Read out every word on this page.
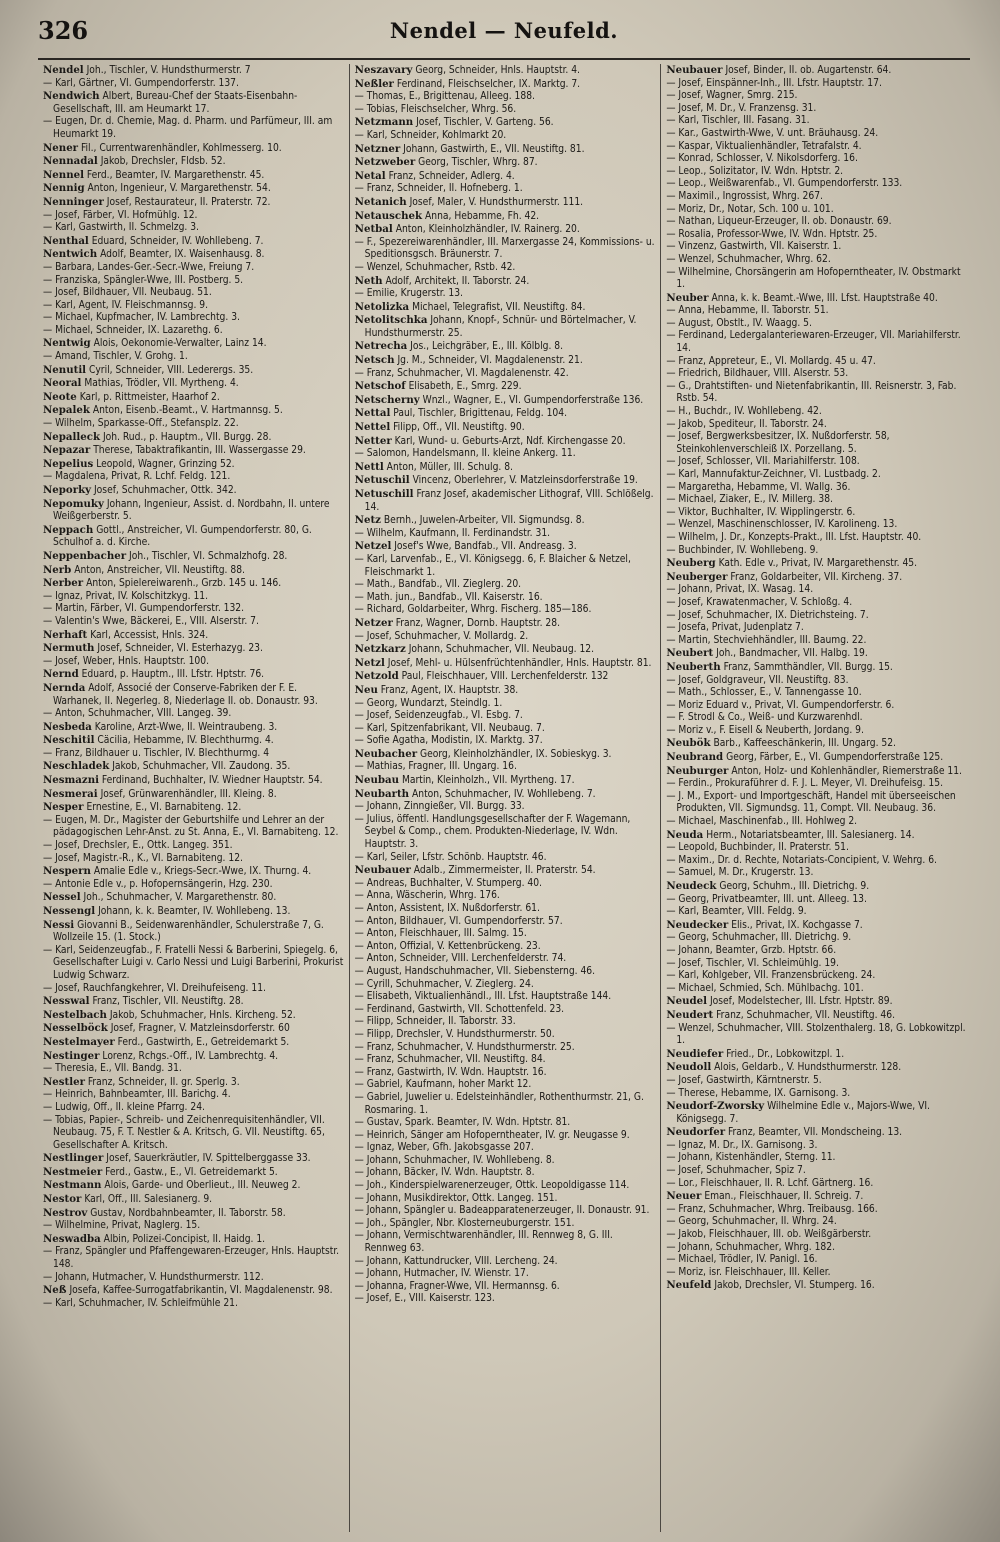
326	Nendel — Neufeld.

Nendel Joh., Tischler, V. Hundsthurmerstr. 7

— Karl, Gärtner, VI. Gumpendorferstr. 137.

Nendwich Albert, Bureau-Chef der Staats-Eisenbahn-Gesellschaft, III. am Heumarkt 17.

— Eugen, Dr. d. Chemie, Mag. d. Pharm. und Parfümeur, III. am Heumarkt 19.

Nener Fil., Currentwarenhändler, Kohlmesserg. 10.

Nennadal Jakob, Drechsler, Fldsb. 52.

Nennel Ferd., Beamter, IV. Margarethenstr. 45.

Nennig Anton, Ingenieur, V. Margarethenstr. 54.

Nenninger Josef, Restaurateur, II. Praterstr. 72.

— Josef, Färber, VI. Hofmühlg. 12.

— Karl, Gastwirth, II. Schmelzg. 3.

Nenthal Eduard, Schneider, IV. Wohllebeng. 7.

Nentwich Adolf, Beamter, IX. Waisenhausg. 8.

— Barbara, Landes-Ger.-Secr.-Wwe, Freiung 7.

— Franziska, Spängler-Wwe, III. Postberg. 5.

— Josef, Bildhauer, VII. Neubaug. 51.

— Karl, Agent, IV. Fleischmannsg. 9.

— Michael, Kupfmacher, IV. Lambrechtg. 3.

— Michael, Schneider, IX. Lazarethg. 6.

Nentwig Alois, Oekonomie-Verwalter, Lainz 14.

— Amand, Tischler, V. Grohg. 1.

Nenutil Cyril, Schneider, VIII. Lederergs. 35.

Neoral Mathias, Trödler, VII. Myrtheng. 4.

Neote Karl, p. Rittmeister, Haarhof 2.

Nepalek Anton, Eisenb.-Beamt., V. Hartmannsg. 5.

— Wilhelm, Sparkasse-Off., Stefansplz. 22.

Nepalleck Joh. Rud., p. Hauptm., VII. Burgg. 28.

Nepazar Therese, Tabaktrafikantin, III. Wassergasse 29.

Nepelius Leopold, Wagner, Grinzing 52.

— Magdalena, Privat, R. Lchf. Feldg. 121.

Neporky Josef, Schuhmacher, Ottk. 342.

Nepomuky Johann, Ingenieur, Assist. d. Nordbahn, II. untere Weißgerberstr. 5.

Neppach Gottl., Anstreicher, VI. Gumpendorferstr. 80, G. Schulhof a. d. Kirche.

Neppenbacher Joh., Tischler, VI. Schmalzhofg. 28.

Nerb Anton, Anstreicher, VII. Neustiftg. 88.

Nerber Anton, Spielereiwarenh., Grzb. 145 u. 146.

— Ignaz, Privat, IV. Kolschitzkyg. 11.

— Martin, Färber, VI. Gumpendorferstr. 132.

— Valentin's Wwe, Bäckerei, E., VIII. Alserstr. 7.

Nerhaft Karl, Accessist, Hnls. 324.

Nermuth Josef, Schneider, VI. Esterhazyg. 23.

— Josef, Weber, Hnls. Hauptstr. 100.

Nernd Eduard, p. Hauptm., III. Lfstr. Hptstr. 76.

Nernda Adolf, Associé der Conserve-Fabriken der F. E. Warhanek, II. Negerleg. 8, Niederlage II. ob. Donaustr. 93.

— Anton, Schuhmacher, VIII. Langeg. 39.

Nesbeda Karoline, Arzt-Wwe, II. Weintraubeng. 3.

Neschitil Cäcilia, Hebamme, IV. Blechthurmg. 4.

— Franz, Bildhauer u. Tischler, IV. Blechthurmg. 4

Neschladek Jakob, Schuhmacher, VII. Zaudong. 35.

Nesmazni Ferdinand, Buchhalter, IV. Wiedner Hauptstr. 54.

Nesmerai Josef, Grünwarenhändler, III. Kleing. 8.

Nesper Ernestine, E., VI. Barnabiteng. 12.

— Eugen, M. Dr., Magister der Geburtshilfe und Lehrer an der pädagogischen Lehr-Anst. zu St. Anna, E., VI. Barnabiteng. 12.

— Josef, Drechsler, E., Ottk. Langeg. 351.

— Josef, Magistr.-R., K., VI. Barnabiteng. 12.

Nespern Amalie Edle v., Kriegs-Secr.-Wwe, IX. Thurng. 4.

— Antonie Edle v., p. Hofopernsängerin, Hzg. 230.

Nessel Joh., Schuhmacher, V. Margarethenstr. 80.

Nessengl Johann, k. k. Beamter, IV. Wohllebeng. 13.

Nessi Giovanni B., Seidenwarenhändler, Schulerstraße 7, G. Wollzeile 15. (1. Stock.)

— Karl, Seidenzeugfab., F. Fratelli Nessi & Barberini, Spiegelg. 6, Gesellschafter Luigi v. Carlo Nessi und Luigi Barberini, Prokurist Ludwig Schwarz.

— Josef, Rauchfangkehrer, VI. Dreihufeiseng. 11.

Nesswal Franz, Tischler, VII. Neustiftg. 28.

Nestelbach Jakob, Schuhmacher, Hnls. Kircheng. 52.

Nesselböck Josef, Fragner, V. Matzleinsdorferstr. 60

Nestelmayer Ferd., Gastwirth, E., Getreidemarkt 5.

Nestinger Lorenz, Rchgs.-Off., IV. Lambrechtg. 4.

— Theresia, E., VII. Bandg. 31.

Nestler Franz, Schneider, II. gr. Sperlg. 3.

— Heinrich, Bahnbeamter, III. Barichg. 4.

— Ludwig, Off., II. kleine Pfarrg. 24.

— Tobias, Papier-, Schreib- und Zeichenrequisitenhändler, VII. Neubaug. 75, F. T. Nestler & A. Kritsch, G. VII. Neustiftg. 65, Gesellschafter A. Kritsch.

Nestlinger Josef, Sauerkräutler, IV. Spittelberggasse 33.

Nestmeier Ferd., Gastw., E., VI. Getreidemarkt 5.

Nestmann Alois, Garde- und Oberlieut., III. Neuweg 2.

Nestor Karl, Off., III. Salesianerg. 9.

Nestrov Gustav, Nordbahnbeamter, II. Taborstr. 58.

— Wilhelmine, Privat, Naglerg. 15.

Neswadba Albin, Polizei-Concipist, II. Haidg. 1.

— Franz, Spängler und Pfaffengewaren-Erzeuger, Hnls. Hauptstr. 148.

— Johann, Hutmacher, V. Hundsthurmerstr. 112.

Neß Josefa, Kaffee-Surrogatfabrikantin, VI. Magdalenenstr. 98.

— Karl, Schuhmacher, IV. Schleifmühle 21.

Neszavary Georg, Schneider, Hnls. Hauptstr. 4.

Neßler Ferdinand, Fleischselcher, IX. Marktg. 7.

— Thomas, E., Brigittenau, Alleeg. 188.

— Tobias, Fleischselcher, Whrg. 56.

Netzmann Josef, Tischler, V. Garteng. 56.

— Karl, Schneider, Kohlmarkt 20.

Netzner Johann, Gastwirth, E., VII. Neustiftg. 81.

Netzweber Georg, Tischler, Whrg. 87.

Netal Franz, Schneider, Adlerg. 4.

— Franz, Schneider, II. Hofneberg. 1.

Netanich Josef, Maler, V. Hundsthurmerstr. 111.

Netauschek Anna, Hebamme, Fh. 42.

Netbal Anton, Kleinholzhändler, IV. Rainerg. 20.

— F., Spezereiwarenhändler, III. Marxergasse 24, Kommissions- u. Speditionsgsch. Bräunerstr. 7.

— Wenzel, Schuhmacher, Rstb. 42.

Neth Adolf, Architekt, II. Taborstr. 24.

— Emilie, Krugerstr. 13.

Netolizka Michael, Telegrafist, VII. Neustiftg. 84.

Netolitschka Johann, Knopf-, Schnür- und Börtelmacher, V. Hundsthurmerstr. 25.

Netrecha Jos., Leichgräber, E., III. Kölblg. 8.

Netsch Jg. M., Schneider, VI. Magdalenenstr. 21.

— Franz, Schuhmacher, VI. Magdalenenstr. 42.

Netschof Elisabeth, E., Smrg. 229.

Netscherny Wnzl., Wagner, E., VI. Gumpendorferstraße 136.

Nettal Paul, Tischler, Brigittenau, Feldg. 104.

Nettel Filipp, Off., VII. Neustiftg. 90.

Netter Karl, Wund- u. Geburts-Arzt, Ndf. Kirchengasse 20.

— Salomon, Handelsmann, II. kleine Ankerg. 11.

Nettl Anton, Müller, III. Schulg. 8.

Netuschil Vincenz, Oberlehrer, V. Matzleinsdorferstraße 19.

Netuschill Franz Josef, akademischer Lithograf, VIII. Schlößelg. 14.

Netz Bernh., Juwelen-Arbeiter, VII. Sigmundsg. 8.

— Wilhelm, Kaufmann, II. Ferdinandstr. 31.

Netzel Josef's Wwe, Bandfab., VII. Andreasg. 3.

— Karl, Larvenfab., E., VI. Königsegg. 6, F. Blaicher & Netzel, Fleischmarkt 1.

— Math., Bandfab., VII. Zieglerg. 20.

— Math. jun., Bandfab., VII. Kaiserstr. 16.

— Richard, Goldarbeiter, Whrg. Fischerg. 185—186.

Netzer Franz, Wagner, Dornb. Hauptstr. 28.

— Josef, Schuhmacher, V. Mollardg. 2.

Netzkarz Johann, Schuhmacher, VII. Neubaug. 12.

Netzl Josef, Mehl- u. Hülsenfrüchtenhändler, Hnls. Hauptstr. 81.

Netzold Paul, Fleischhauer, VIII. Lerchenfelderstr. 132

Neu Franz, Agent, IX. Hauptstr. 38.

— Georg, Wundarzt, Steindlg. 1.

— Josef, Seidenzeugfab., VI. Esbg. 7.

— Karl, Spitzenfabrikant, VII. Neubaug. 7.

— Sofie Agatha, Modistin, IX. Marktg. 37.

Neubacher Georg, Kleinholzhändler, IX. Sobieskyg. 3.

— Mathias, Fragner, III. Ungarg. 16.

Neubau Martin, Kleinholzh., VII. Myrtheng. 17.

Neubarth Anton, Schuhmacher, IV. Wohllebeng. 7.

— Johann, Zinngießer, VII. Burgg. 33.

— Julius, öffentl. Handlungsgesellschafter der F. Wagemann, Seybel & Comp., chem. Produkten-Niederlage, IV. Wdn. Hauptstr. 3.

— Karl, Seiler, Lfstr. Schönb. Hauptstr. 46.

Neubauer Adalb., Zimmermeister, II. Praterstr. 54.

— Andreas, Buchhalter, V. Stumperg. 40.

— Anna, Wäscherin, Whrg. 176.

— Anton, Assistent, IX. Nußdorferstr. 61.

— Anton, Bildhauer, VI. Gumpendorferstr. 57.

— Anton, Fleischhauer, III. Salmg. 15.

— Anton, Offizial, V. Kettenbrückeng. 23.

— Anton, Schneider, VIII. Lerchenfelderstr. 74.

— August, Handschuhmacher, VII. Siebensterng. 46.

— Cyrill, Schuhmacher, V. Zieglerg. 24.

— Elisabeth, Viktualienhändl., III. Lfst. Hauptstraße 144.

— Ferdinand, Gastwirth, VII. Schottenfeld. 23.

— Filipp, Schneider, II. Taborstr. 33.

— Filipp, Drechsler, V. Hundsthurmerstr. 50.

— Franz, Schuhmacher, V. Hundsthurmerstr. 25.

— Franz, Schuhmacher, VII. Neustiftg. 84.

— Franz, Gastwirth, IV. Wdn. Hauptstr. 16.

— Gabriel, Kaufmann, hoher Markt 12.

— Gabriel, Juwelier u. Edelsteinhändler, Rothenthurmstr. 21, G. Rosmaring. 1.

— Gustav, Spark. Beamter, IV. Wdn. Hptstr. 81.

— Heinrich, Sänger am Hofoperntheater, IV. gr. Neugasse 9.

— Ignaz, Weber, Gfh. Jakobsgasse 207.

— Johann, Schuhmacher, IV. Wohllebeng. 8.

— Johann, Bäcker, IV. Wdn. Hauptstr. 8.

— Joh., Kinderspielwarenerzeuger, Ottk. Leopoldigasse 114.

— Johann, Musikdirektor, Ottk. Langeg. 151.

— Johann, Spängler u. Badeapparatenerzeuger, II. Donaustr. 91.

— Joh., Spängler, Nbr. Klosterneuburgerstr. 151.

— Johann, Vermischtwarenhändler, III. Rennweg 8, G. III. Rennweg 63.

— Johann, Kattundrucker, VIII. Lercheng. 24.

— Johann, Hutmacher, IV. Wienstr. 17.

— Johanna, Fragner-Wwe, VII. Hermannsg. 6.

— Josef, E., VIII. Kaiserstr. 123.

Neubauer Josef, Binder, II. ob. Augartenstr. 64.

— Josef, Einspänner-Inh., III. Lfstr. Hauptstr. 17.

— Josef, Wagner, Smrg. 215.

— Josef, M. Dr., V. Franzensg. 31.

— Karl, Tischler, III. Fasang. 31.

— Kar., Gastwirth-Wwe, V. unt. Bräuhausg. 24.

— Kaspar, Viktualienhändler, Tetrafalstr. 4.

— Konrad, Schlosser, V. Nikolsdorferg. 16.

— Leop., Solizitator, IV. Wdn. Hptstr. 2.

— Leop., Weißwarenfab., VI. Gumpendorferstr. 133.

— Maximil., Ingrossist, Whrg. 267.

— Moriz, Dr., Notar, Sch. 100 u. 101.

— Nathan, Liqueur-Erzeuger, II. ob. Donaustr. 69.

— Rosalia, Professor-Wwe, IV. Wdn. Hptstr. 25.

— Vinzenz, Gastwirth, VII. Kaiserstr. 1.

— Wenzel, Schuhmacher, Whrg. 62.

— Wilhelmine, Chorsängerin am Hofoperntheater, IV. Obstmarkt 1.

Neuber Anna, k. k. Beamt.-Wwe, III. Lfst. Hauptstraße 40.

— Anna, Hebamme, II. Taborstr. 51.

— August, Obstlt., IV. Waagg. 5.

— Ferdinand, Ledergalanteriewaren-Erzeuger, VII. Mariahilferstr. 14.

— Franz, Appreteur, E., VI. Mollardg. 45 u. 47.

— Friedrich, Bildhauer, VIII. Alserstr. 53.

— G., Drahtstiften- und Nietenfabrikantin, III. Reisnerstr. 3, Fab. Rstb. 54.

— H., Buchdr., IV. Wohllebeng. 42.

— Jakob, Spediteur, II. Taborstr. 24.

— Josef, Bergwerksbesitzer, IX. Nußdorferstr. 58, Steinkohlenverschleiß IX. Porzellang. 5.

— Josef, Schlosser, VII. Mariahilferstr. 108.

— Karl, Mannufaktur-Zeichner, VI. Lustbadg. 2.

— Margaretha, Hebamme, VI. Wallg. 36.

— Michael, Ziaker, E., IV. Millerg. 38.

— Viktor, Buchhalter, IV. Wipplingerstr. 6.

— Wenzel, Maschinenschlosser, IV. Karolineng. 13.

— Wilhelm, J. Dr., Konzepts-Prakt., III. Lfst. Hauptstr. 40.

— Buchbinder, IV. Wohllebeng. 9.

Neuberg Kath. Edle v., Privat, IV. Margarethenstr. 45.

Neuberger Franz, Goldarbeiter, VII. Kircheng. 37.

— Johann, Privat, IX. Wasag. 14.

— Josef, Krawatenmacher, V. Schloßg. 4.

— Josef, Schuhmacher, IX. Dietrichsteing. 7.

— Josefa, Privat, Judenplatz 7.

— Martin, Stechviehhändler, III. Baumg. 22.

Neubert Joh., Bandmacher, VII. Halbg. 19.

Neuberth Franz, Sammthändler, VII. Burgg. 15.

— Josef, Goldgraveur, VII. Neustiftg. 83.

— Math., Schlosser, E., V. Tannengasse 10.

— Moriz Eduard v., Privat, VI. Gumpendorferstr. 6.

— F. Strodl & Co., Weiß- und Kurzwarenhdl.

— Moriz v., F. Eisell & Neuberth, Jordang. 9.

Neubök Barb., Kaffeeschänkerin, III. Ungarg. 52.

Neubrand Georg, Färber, E., VI. Gumpendorferstraße 125.

Neuburger Anton, Holz- und Kohlenhändler, Riemerstraße 11.

— Ferdin., Prokuraführer d. F. J. L. Meyer, VI. Dreihufeisg. 15.

— J. M., Export- und Importgeschäft, Handel mit überseeischen Produkten, VII. Sigmundsg. 11, Compt. VII. Neubaug. 36.

— Michael, Maschinenfab., III. Hohlweg 2.

Neuda Herm., Notariatsbeamter, III. Salesianerg. 14.

— Leopold, Buchbinder, II. Praterstr. 51.

— Maxim., Dr. d. Rechte, Notariats-Concipient, V. Wehrg. 6.

— Samuel, M. Dr., Krugerstr. 13.

Neudeck Georg, Schuhm., III. Dietrichg. 9.

— Georg, Privatbeamter, III. unt. Alleeg. 13.

— Karl, Beamter, VIII. Feldg. 9.

Neudecker Elis., Privat, IX. Kochgasse 7.

— Georg, Schuhmacher, III. Dietrichg. 9.

— Johann, Beamter, Grzb. Hptstr. 66.

— Josef, Tischler, VI. Schleimühlg. 19.

— Karl, Kohlgeber, VII. Franzensbrückeng. 24.

— Michael, Schmied, Sch. Mühlbachg. 101.

Neudel Josef, Modelstecher, III. Lfstr. Hptstr. 89.

Neudert Franz, Schuhmacher, VII. Neustiftg. 46.

— Wenzel, Schuhmacher, VIII. Stolzenthalerg. 18, G. Lobkowitzpl. 1.

Neudiefer Fried., Dr., Lobkowitzpl. 1.

Neudoll Alois, Geldarb., V. Hundsthurmerstr. 128.

— Josef, Gastwirth, Kärntnerstr. 5.

— Therese, Hebamme, IX. Garnisong. 3.

Neudorf-Zworsky Wilhelmine Edle v., Majors-Wwe, VI. Königsegg. 7.

Neudorfer Franz, Beamter, VII. Mondscheing. 13.

— Ignaz, M. Dr., IX. Garnisong. 3.

— Johann, Kistenhändler, Sterng. 11.

— Josef, Schuhmacher, Spiz 7.

— Lor., Fleischhauer, II. R. Lchf. Gärtnerg. 16.

Neuer Eman., Fleischhauer, II. Schreig. 7.

— Franz, Schuhmacher, Whrg. Treibausg. 166.

— Georg, Schuhmacher, II. Whrg. 24.

— Jakob, Fleischhauer, III. ob. Weißgärberstr.

— Johann, Schuhmacher, Whrg. 182.

— Michael, Trödler, IV. Panigl. 16.

— Moriz, isr. Fleischhauer, III. Keller.

Neufeld Jakob, Drechsler, VI. Stumperg. 16.
